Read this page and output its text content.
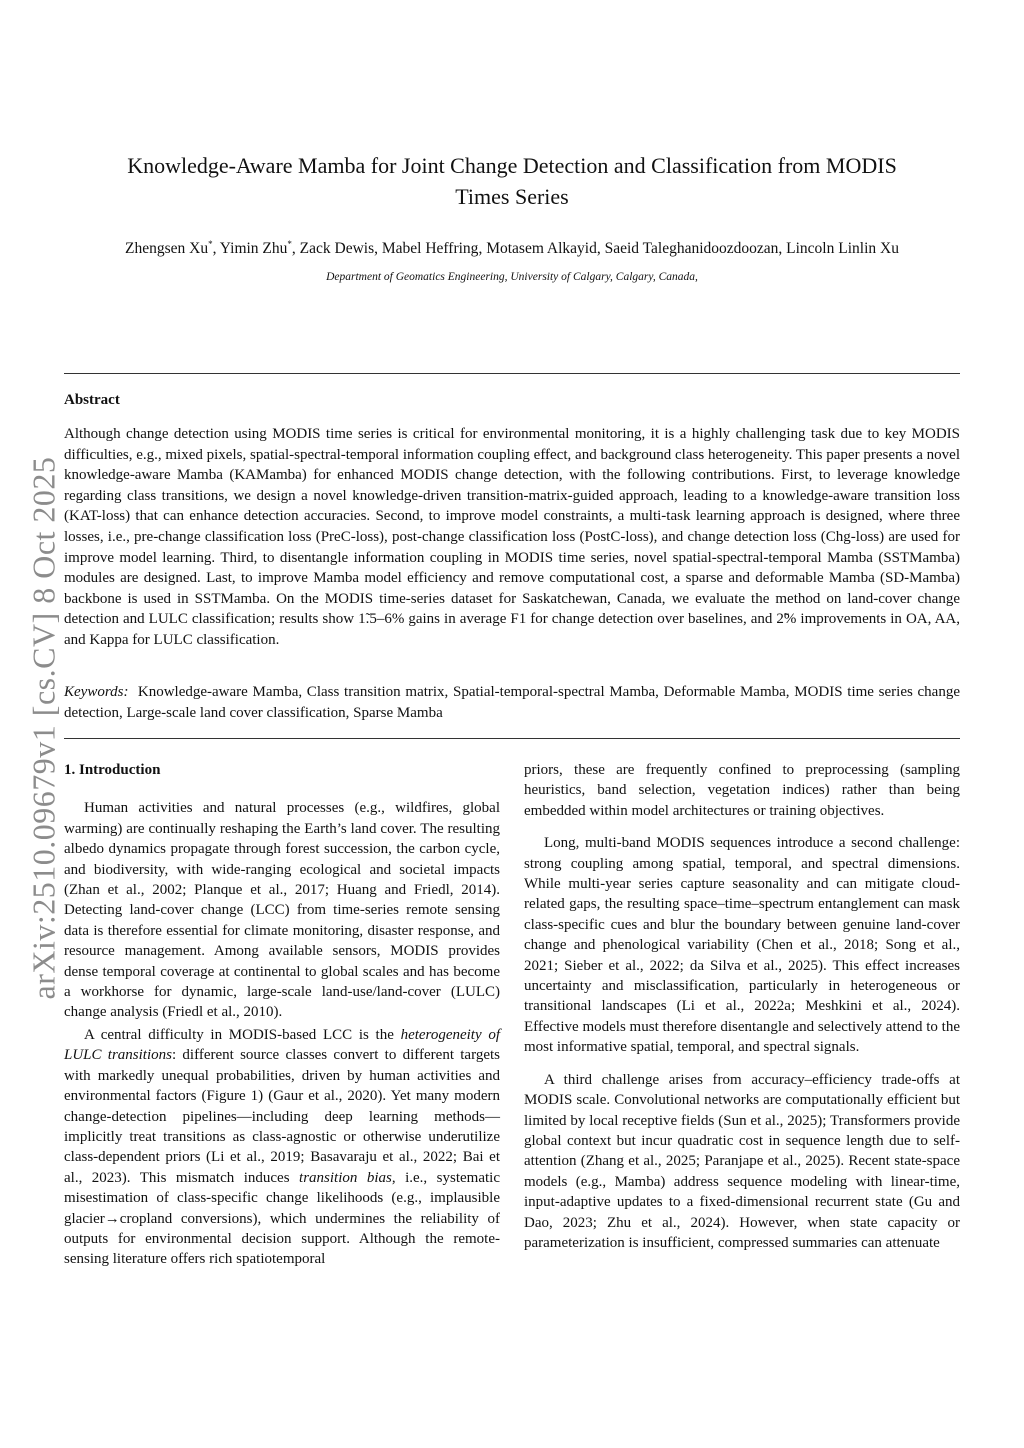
arXiv:2510.09679v1 [cs.CV] 8 Oct 2025
Knowledge-Aware Mamba for Joint Change Detection and Classification from MODIS
Times Series
Zhengsen Xu*, Yimin Zhu*, Zack Dewis, Mabel Heffring, Motasem Alkayid, Saeid Taleghanidoozdoozan, Lincoln Linlin Xu
Department of Geomatics Engineering, University of Calgary, Calgary, Canada,
Abstract

Although change detection using MODIS time series is critical for environmental monitoring, it is a highly challenging task due to key MODIS difficulties, e.g., mixed pixels, spatial-spectral-temporal information coupling effect, and background class heterogeneity. This paper presents a novel knowledge-aware Mamba (KAMamba) for enhanced MODIS change detection, with the following contributions. First, to leverage knowledge regarding class transitions, we design a novel knowledge-driven transition-matrix-guided approach, leading to a knowledge-aware transition loss (KAT-loss) that can enhance detection accuracies. Second, to improve model constraints, a multi-task learning approach is designed, where three losses, i.e., pre-change classification loss (PreC-loss), post-change classification loss (PostC-loss), and change detection loss (Chg-loss) are used for improve model learning. Third, to disentangle information coupling in MODIS time series, novel spatial-spectral-temporal Mamba (SSTMamba) modules are designed. Last, to improve Mamba model efficiency and remove computational cost, a sparse and deformable Mamba (SD-Mamba) backbone is used in SSTMamba. On the MODIS time-series dataset for Saskatchewan, Canada, we evaluate the method on land-cover change detection and LULC classification; results show 1̃.5–6% gains in average F1 for change detection over baselines, and 2̃% improvements in OA, AA, and Kappa for LULC classification.

Keywords: Knowledge-aware Mamba, Class transition matrix, Spatial-temporal-spectral Mamba, Deformable Mamba, MODIS time series change detection, Large-scale land cover classification, Sparse Mamba

1. Introduction

Human activities and natural processes (e.g., wildfires, global warming) are continually reshaping the Earth’s land cover. The resulting albedo dynamics propagate through forest succession, the carbon cycle, and biodiversity, with wide-ranging ecological and societal impacts (Zhan et al., 2002; Planque et al., 2017; Huang and Friedl, 2014). Detecting land-cover change (LCC) from time-series remote sensing data is therefore essential for climate monitoring, disaster response, and resource management. Among available sensors, MODIS provides dense temporal coverage at continental to global scales and has become a workhorse for dynamic, large-scale land-use/land-cover (LULC) change analysis (Friedl et al., 2010).

A central difficulty in MODIS-based LCC is the heterogeneity of LULC transitions: different source classes convert to different targets with markedly unequal probabilities, driven by human activities and environmental factors (Figure 1) (Gaur et al., 2020). Yet many modern change-detection pipelines—including deep learning methods—implicitly treat transitions as class-agnostic or otherwise underutilize class-dependent priors (Li et al., 2019; Basavaraju et al., 2022; Bai et al., 2023). This mismatch induces transition bias, i.e., systematic misestimation of class-specific change likelihoods (e.g., implausible glacier→cropland conversions), which undermines the reliability of outputs for environmental decision support. Although the remote-sensing literature offers rich spatiotemporal

priors, these are frequently confined to preprocessing (sampling heuristics, band selection, vegetation indices) rather than being embedded within model architectures or training objectives.

Long, multi-band MODIS sequences introduce a second challenge: strong coupling among spatial, temporal, and spectral dimensions. While multi-year series capture seasonality and can mitigate cloud-related gaps, the resulting space–time–spectrum entanglement can mask class-specific cues and blur the boundary between genuine land-cover change and phenological variability (Chen et al., 2018; Song et al., 2021; Sieber et al., 2022; da Silva et al., 2025). This effect increases uncertainty and misclassification, particularly in heterogeneous or transitional landscapes (Li et al., 2022a; Meshkini et al., 2024). Effective models must therefore disentangle and selectively attend to the most informative spatial, temporal, and spectral signals.

A third challenge arises from accuracy–efficiency trade-offs at MODIS scale. Convolutional networks are computationally efficient but limited by local receptive fields (Sun et al., 2025); Transformers provide global context but incur quadratic cost in sequence length due to self-attention (Zhang et al., 2025; Paranjape et al., 2025). Recent state-space models (e.g., Mamba) address sequence modeling with linear-time, input-adaptive updates to a fixed-dimensional recurrent state (Gu and Dao, 2023; Zhu et al., 2024). However, when state capacity or parameterization is insufficient, compressed summaries can attenuate
